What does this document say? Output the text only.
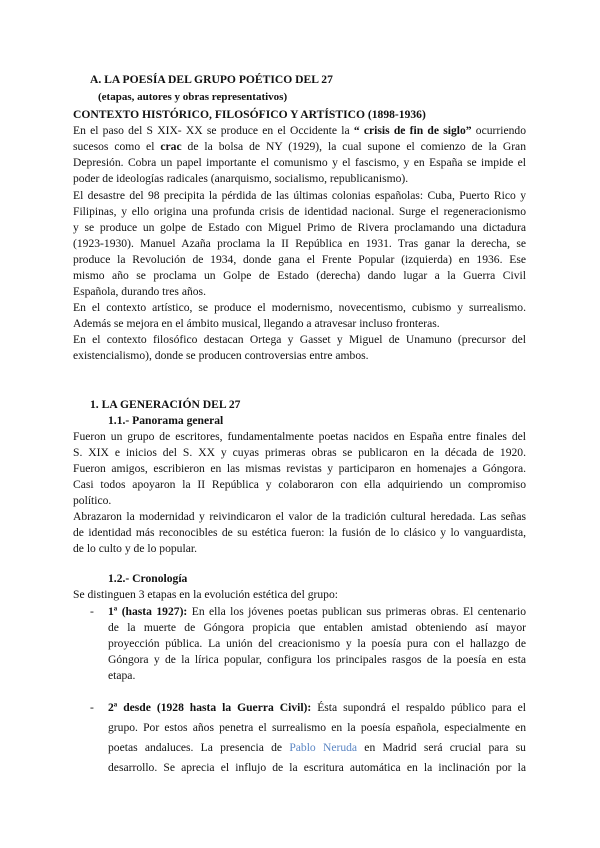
A. LA POESÍA DEL GRUPO POÉTICO DEL 27
(etapas, autores y obras representativos)
CONTEXTO HISTÓRICO, FILOSÓFICO Y ARTÍSTICO (1898-1936)
En el paso del S XIX- XX se produce en el Occidente la “ crisis de fin de siglo” ocurriendo
sucesos como el crac de la bolsa de NY (1929), la cual supone el comienzo de la Gran
Depresión. Cobra un papel importante el comunismo y el fascismo, y en España se impide el
poder de ideologías radicales (anarquismo, socialismo, republicanismo).
El desastre del 98 precipita la pérdida de las últimas colonias españolas: Cuba, Puerto Rico y
Filipinas, y ello origina una profunda crisis de identidad nacional. Surge el regeneracionismo
y se produce un golpe de Estado con Miguel Primo de Rivera proclamando una dictadura
(1923-1930). Manuel Azaña proclama la II República en 1931. Tras ganar la derecha, se
produce la Revolución de 1934, donde gana el Frente Popular (izquierda) en 1936. Ese
mismo año se proclama un Golpe de Estado (derecha) dando lugar a la Guerra Civil
Española, durando tres años.
En el contexto artístico, se produce el modernismo, novecentismo, cubismo y surrealismo.
Además se mejora en el ámbito musical, llegando a atravesar incluso fronteras.
En el contexto filosófico destacan Ortega y Gasset y Miguel de Unamuno (precursor del
existencialismo), donde se producen controversias entre ambos.
1. LA GENERACIÓN DEL 27
1.1.- Panorama general
Fueron un grupo de escritores, fundamentalmente poetas nacidos en España entre finales del
S. XIX e inicios del S. XX y cuyas primeras obras se publicaron en la década de 1920.
Fueron amigos, escribieron en las mismas revistas y participaron en homenajes a Góngora.
Casi todos apoyaron la II República y colaboraron con ella adquiriendo un compromiso
político.
Abrazaron la modernidad y reivindicaron el valor de la tradición cultural heredada. Las señas
de identidad más reconocibles de su estética fueron: la fusión de lo clásico y lo vanguardista,
de lo culto y de lo popular.
1.2.- Cronología
Se distinguen 3 etapas en la evolución estética del grupo:
- 1ª (hasta 1927): En ella los jóvenes poetas publican sus primeras obras. El centenario
de la muerte de Góngora propicia que entablen amistad obteniendo así mayor
proyección pública. La unión del creacionismo y la poesía pura con el hallazgo de
Góngora y de la lírica popular, configura los principales rasgos de la poesía en esta
etapa.
- 2ª desde (1928 hasta la Guerra Civil): Ésta supondrá el respaldo público para el
grupo. Por estos años penetra el surrealismo en la poesía española, especialmente en
poetas andaluces. La presencia de Pablo Neruda en Madrid será crucial para su
desarrollo. Se aprecia el influjo de la escritura automática en la inclinación por la
